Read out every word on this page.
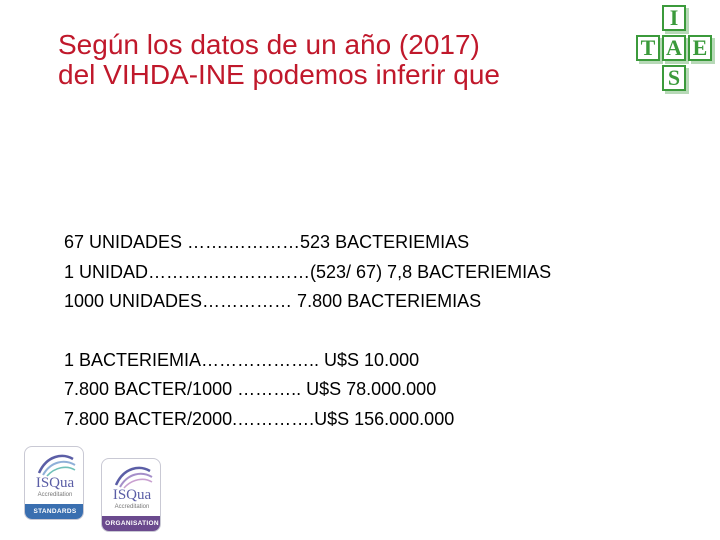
Según los datos de un año (2017)
del VIHDA-INE podemos inferir que
I
T A E
S
67 UNIDADES …….…………523 BACTERIEMIAS
1 UNIDAD………………………(523/ 67) 7,8 BACTERIEMIAS
1000 UNIDADES…………… 7.800 BACTERIEMIAS
1 BACTERIEMIA……………….. U$S 10.000
7.800 BACTER/1000 ……….. U$S 78.000.000
7.800 BACTER/2000.………….U$S 156.000.000
ISQua
Accreditation
STANDARDS
ISQua
Accreditation
ORGANISATION
